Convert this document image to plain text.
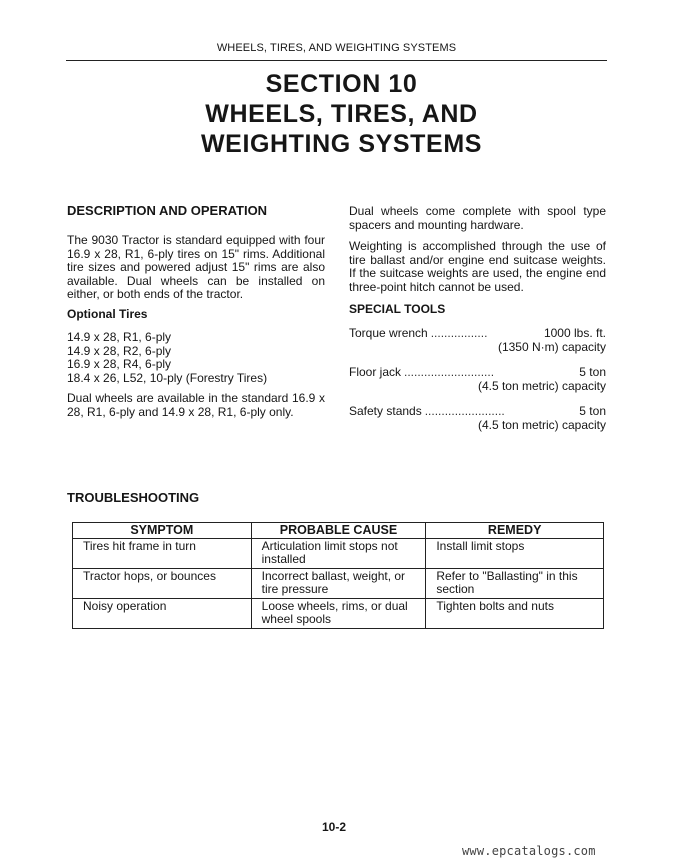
WHEELS, TIRES, AND WEIGHTING SYSTEMS
SECTION 10
WHEELS, TIRES, AND
WEIGHTING SYSTEMS
DESCRIPTION AND OPERATION

The 9030 Tractor is standard equipped with four 16.9 x 28, R1, 6-ply tires on 15" rims. Additional tire sizes and powered adjust 15" rims are also available. Dual wheels can be installed on either, or both ends of the tractor.

Optional Tires
14.9 x 28, R1, 6-ply
14.9 x 28, R2, 6-ply
16.9 x 28, R4, 6-ply
18.4 x 26, L52, 10-ply (Forestry Tires)

Dual wheels are available in the standard 16.9 x 28, R1, 6-ply and 14.9 x 28, R1, 6-ply only.

Dual wheels come complete with spool type spacers and mounting hardware.

Weighting is accomplished through the use of tire ballast and/or engine end suitcase weights. If the suitcase weights are used, the engine end three-point hitch cannot be used.

SPECIAL TOOLS
Torque wrench .................	1000 lbs. ft.
(1350 N·m) capacity
Floor jack ...........................	5 ton
(4.5 ton metric) capacity
Safety stands ........................	5 ton
(4.5 ton metric) capacity
TROUBLESHOOTING
SYMPTOM	PROBABLE CAUSE	REMEDY
Tires hit frame in turn	Articulation limit stops not installed	Install limit stops
Tractor hops, or bounces	Incorrect ballast, weight, or tire pressure	Refer to "Ballasting" in this section
Noisy operation	Loose wheels, rims, or dual wheel spools	Tighten bolts and nuts
10-2
www.epcatalogs.com
